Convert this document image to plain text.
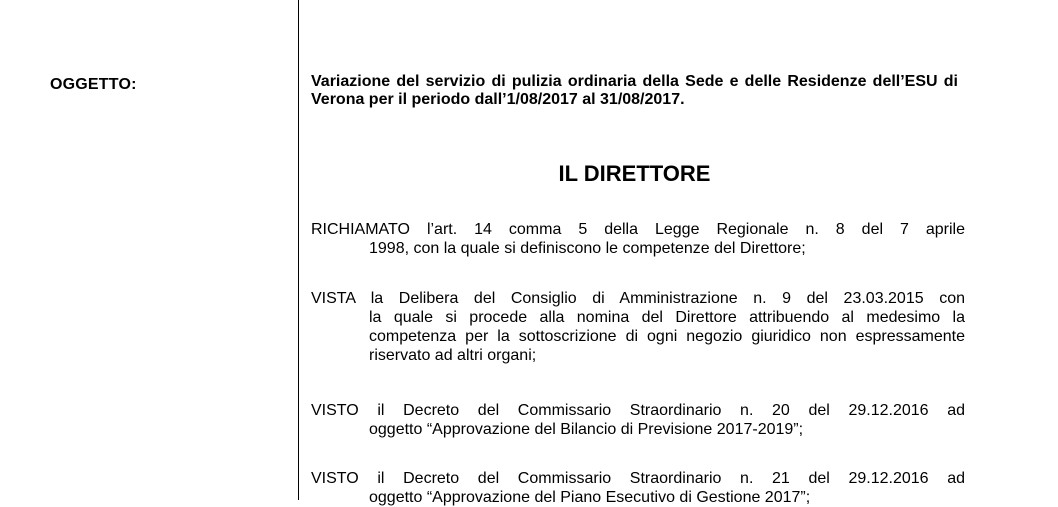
OGGETTO:	Variazione del servizio di pulizia ordinaria della Sede e delle Residenze dell’ESU di Verona per il periodo dall’1/08/2017 al 31/08/2017.
IL DIRETTORE
RICHIAMATO l’art. 14 comma 5 della Legge Regionale n. 8 del 7 aprile
1998, con la quale si definiscono le competenze del Direttore;
VISTA la Delibera del Consiglio di Amministrazione n. 9 del 23.03.2015 con
la quale si procede alla nomina del Direttore attribuendo al medesimo la competenza per la sottoscrizione di ogni negozio giuridico non espressamente riservato ad altri organi;
VISTO il Decreto del Commissario Straordinario n. 20 del 29.12.2016 ad
oggetto “Approvazione del Bilancio di Previsione 2017-2019”;
VISTO il Decreto del Commissario Straordinario n. 21 del 29.12.2016 ad
oggetto “Approvazione del Piano Esecutivo di Gestione 2017”;
